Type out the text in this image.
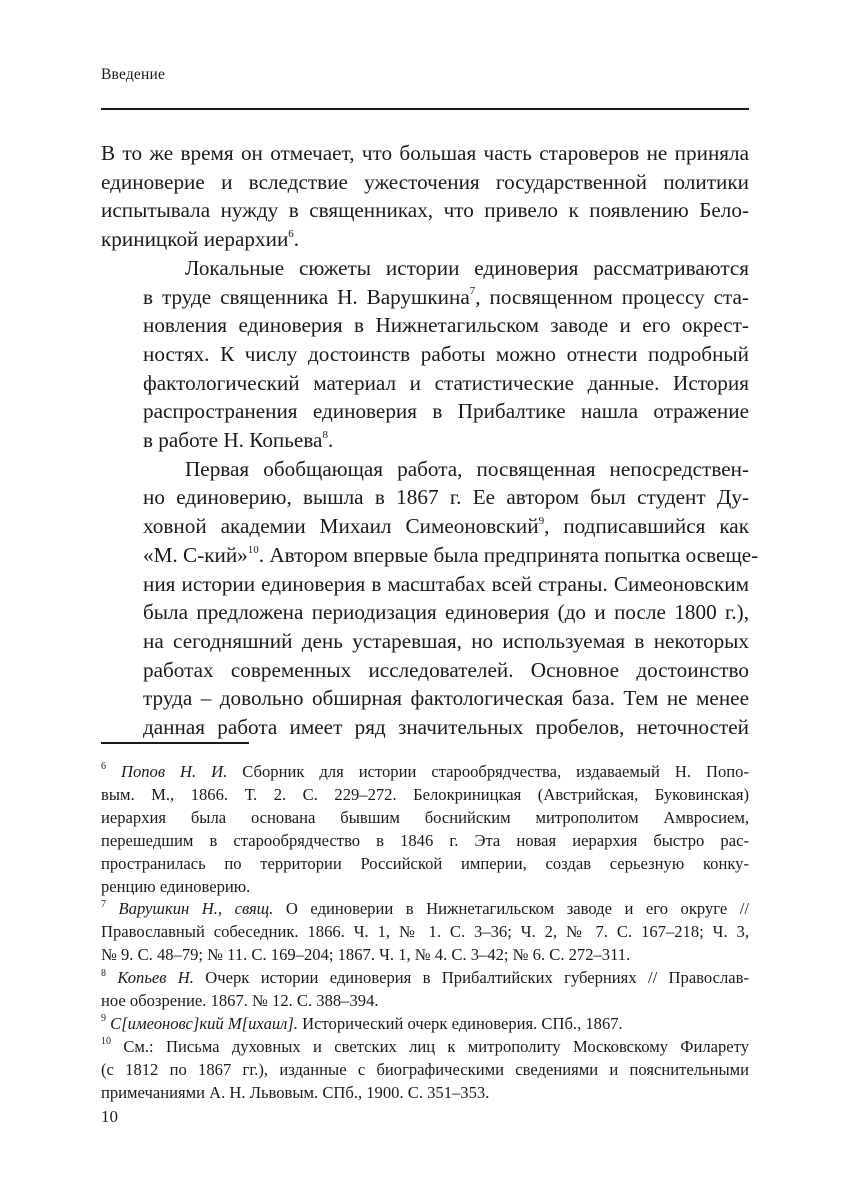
Введение

В то же время он отмечает, что большая часть староверов не приняла
единоверие и вследствие ужесточения государственной политики
испытывала нужду в священниках, что привело к появлению Бело-
криницкой иерархии$^6$.

Локальные сюжеты истории единоверия рассматриваются
в труде священника Н. Варушкина$^7$, посвященном процессу ста-
новления единоверия в Нижнетагильском заводе и его окрест-
ностях. К числу достоинств работы можно отнести подробный
фактологический материал и статистические данные. История
распространения единоверия в Прибалтике нашла отражение
в работе Н. Копьева$^8$.

Первая обобщающая работа, посвященная непосредствен-
но единоверию, вышла в 1867 г. Ее автором был студент Ду-
ховной академии Михаил Симеоновский$^9$, подписавшийся как
«М. С-кий»$^{10}$. Автором впервые была предпринята попытка освеще-
ния истории единоверия в масштабах всей страны. Симеоновским
была предложена периодизация единоверия (до и после 1800 г.),
на сегодняшний день устаревшая, но используемая в некоторых
работах современных исследователей. Основное достоинство
труда – довольно обширная фактологическая база. Тем не менее
данная работа имеет ряд значительных пробелов, неточностей

$^6$ Попов Н. И. Сборник для истории старообрядчества, издаваемый Н. Попо-
вым. М., 1866. Т. 2. С. 229–272. Белокриницкая (Австрийская, Буковинская)
иерархия была основана бывшим боснийским митрополитом Амвросием,
перешедшим в старообрядчество в 1846 г. Эта новая иерархия быстро рас-
пространилась по территории Российской империи, создав серьезную конку-
ренцию единоверию.
$^7$ Варушкин Н., свящ. О единоверии в Нижнетагильском заводе и его округе //
Православный собеседник. 1866. Ч. 1, № 1. С. 3–36; Ч. 2, № 7. С. 167–218; Ч. 3,
№ 9. С. 48–79; № 11. С. 169–204; 1867. Ч. 1, № 4. С. 3–42; № 6. С. 272–311.
$^8$ Копьев Н. Очерк истории единоверия в Прибалтийских губерниях // Православ-
ное обозрение. 1867. № 12. С. 388–394.
$^9$ С[имеоновс]кий М[ихаил]. Исторический очерк единоверия. СПб., 1867.
$^{10}$ См.: Письма духовных и светских лиц к митрополиту Московскому Филарету
(с 1812 по 1867 гг.), изданные с биографическими сведениями и пояснительными
примечаниями А. Н. Львовым. СПб., 1900. С. 351–353.
10
